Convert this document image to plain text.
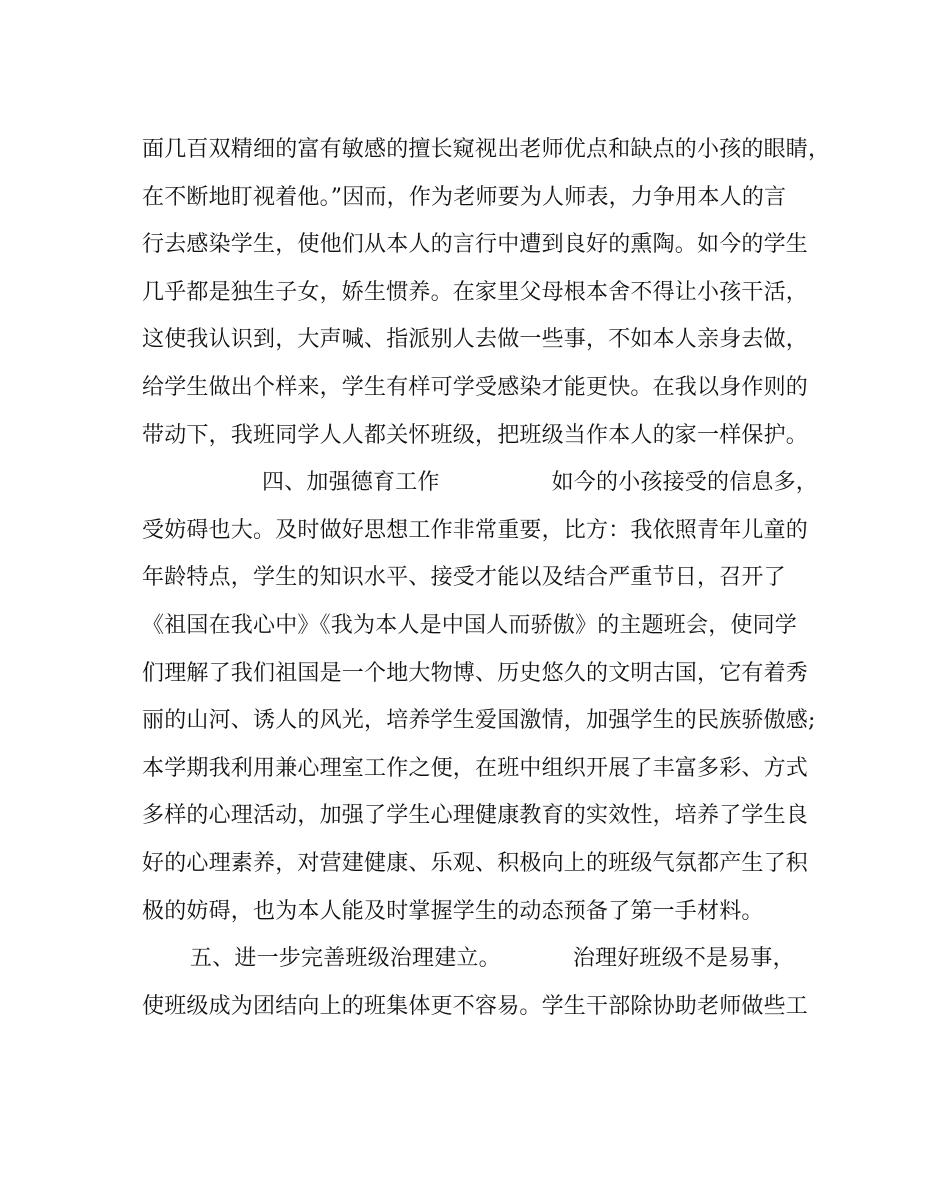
面几百双精细的富有敏感的擅长窥视出老师优点和缺点的小孩的眼睛，
在不断地盯视着他。”因而，作为老师要为人师表，力争用本人的言
行去感染学生，使他们从本人的言行中遭到良好的熏陶。如今的学生
几乎都是独生子女，娇生惯养。在家里父母根本舍不得让小孩干活，
这使我认识到，大声喊、指派别人去做一些事，不如本人亲身去做，
给学生做出个样来，学生有样可学受感染才能更快。在我以身作则的
带动下，我班同学人人都关怀班级，把班级当作本人的家一样保护。
四、加强德育工作	如今的小孩接受的信息多，
受妨碍也大。及时做好思想工作非常重要，比方：我依照青年儿童的
年龄特点，学生的知识水平、接受才能以及结合严重节日，召开了
《祖国在我心中》《我为本人是中国人而骄傲》的主题班会，使同学
们理解了我们祖国是一个地大物博、历史悠久的文明古国，它有着秀
丽的山河、诱人的风光，培养学生爱国激情，加强学生的民族骄傲感;
本学期我利用兼心理室工作之便，在班中组织开展了丰富多彩、方式
多样的心理活动，加强了学生心理健康教育的实效性，培养了学生良
好的心理素养，对营建健康、乐观、积极向上的班级气氛都产生了积
极的妨碍，也为本人能及时掌握学生的动态预备了第一手材料。
五、进一步完善班级治理建立。	治理好班级不是易事，
使班级成为团结向上的班集体更不容易。学生干部除协助老师做些工
